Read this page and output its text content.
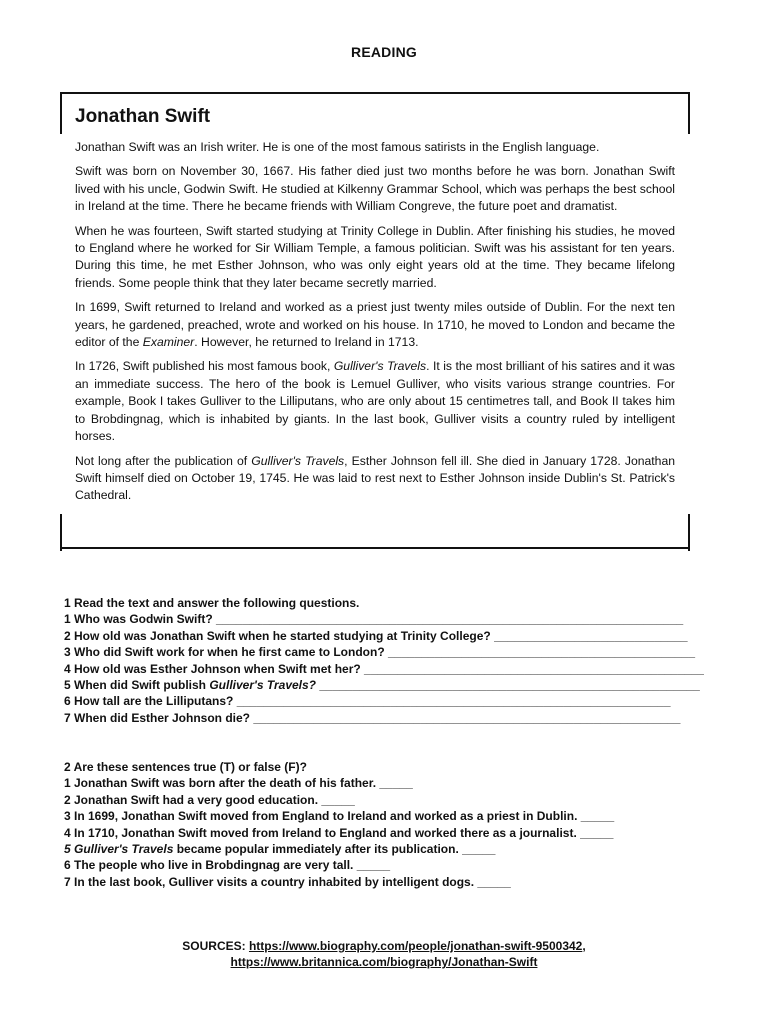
READING
Jonathan Swift

Jonathan Swift was an Irish writer. He is one of the most famous satirists in the English language.

Swift was born on November 30, 1667. His father died just two months before he was born. Jonathan Swift lived with his uncle, Godwin Swift. He studied at Kilkenny Grammar School, which was perhaps the best school in Ireland at the time. There he became friends with William Congreve, the future poet and dramatist.

When he was fourteen, Swift started studying at Trinity College in Dublin. After finishing his studies, he moved to England where he worked for Sir William Temple, a famous politician. Swift was his assistant for ten years. During this time, he met Esther Johnson, who was only eight years old at the time. They became lifelong friends. Some people think that they later became secretly married.

In 1699, Swift returned to Ireland and worked as a priest just twenty miles outside of Dublin. For the next ten years, he gardened, preached, wrote and worked on his house. In 1710, he moved to London and became the editor of the Examiner. However, he returned to Ireland in 1713.

In 1726, Swift published his most famous book, Gulliver's Travels. It is the most brilliant of his satires and it was an immediate success. The hero of the book is Lemuel Gulliver, who visits various strange countries. For example, Book I takes Gulliver to the Lilliputans, who are only about 15 centimetres tall, and Book II takes him to Brobdingnag, which is inhabited by giants. In the last book, Gulliver visits a country ruled by intelligent horses.

Not long after the publication of Gulliver's Travels, Esther Johnson fell ill. She died in January 1728. Jonathan Swift himself died on October 19, 1745. He was laid to rest next to Esther Johnson inside Dublin's St. Patrick's Cathedral.

1 Read the text and answer the following questions.
1 Who was Godwin Swift? ______________________________________________________________________
2 How old was Jonathan Swift when he started studying at Trinity College? _____________________________
3 Who did Swift work for when he first came to London? ______________________________________________
4 How old was Esther Johnson when Swift met her? ___________________________________________________
5 When did Swift publish Gulliver's Travels? _________________________________________________________
6 How tall are the Lilliputans? _________________________________________________________________
7 When did Esther Johnson die? ________________________________________________________________
2 Are these sentences true (T) or false (F)?
1 Jonathan Swift was born after the death of his father. _____
2 Jonathan Swift had a very good education. _____
3 In 1699, Jonathan Swift moved from England to Ireland and worked as a priest in Dublin. _____
4 In 1710, Jonathan Swift moved from Ireland to England and worked there as a journalist. _____
5 Gulliver's Travels became popular immediately after its publication. _____
6 The people who live in Brobdingnag are very tall. _____
7 In the last book, Gulliver visits a country inhabited by intelligent dogs. _____
SOURCES: https://www.biography.com/people/jonathan-swift-9500342,
https://www.britannica.com/biography/Jonathan-Swift
